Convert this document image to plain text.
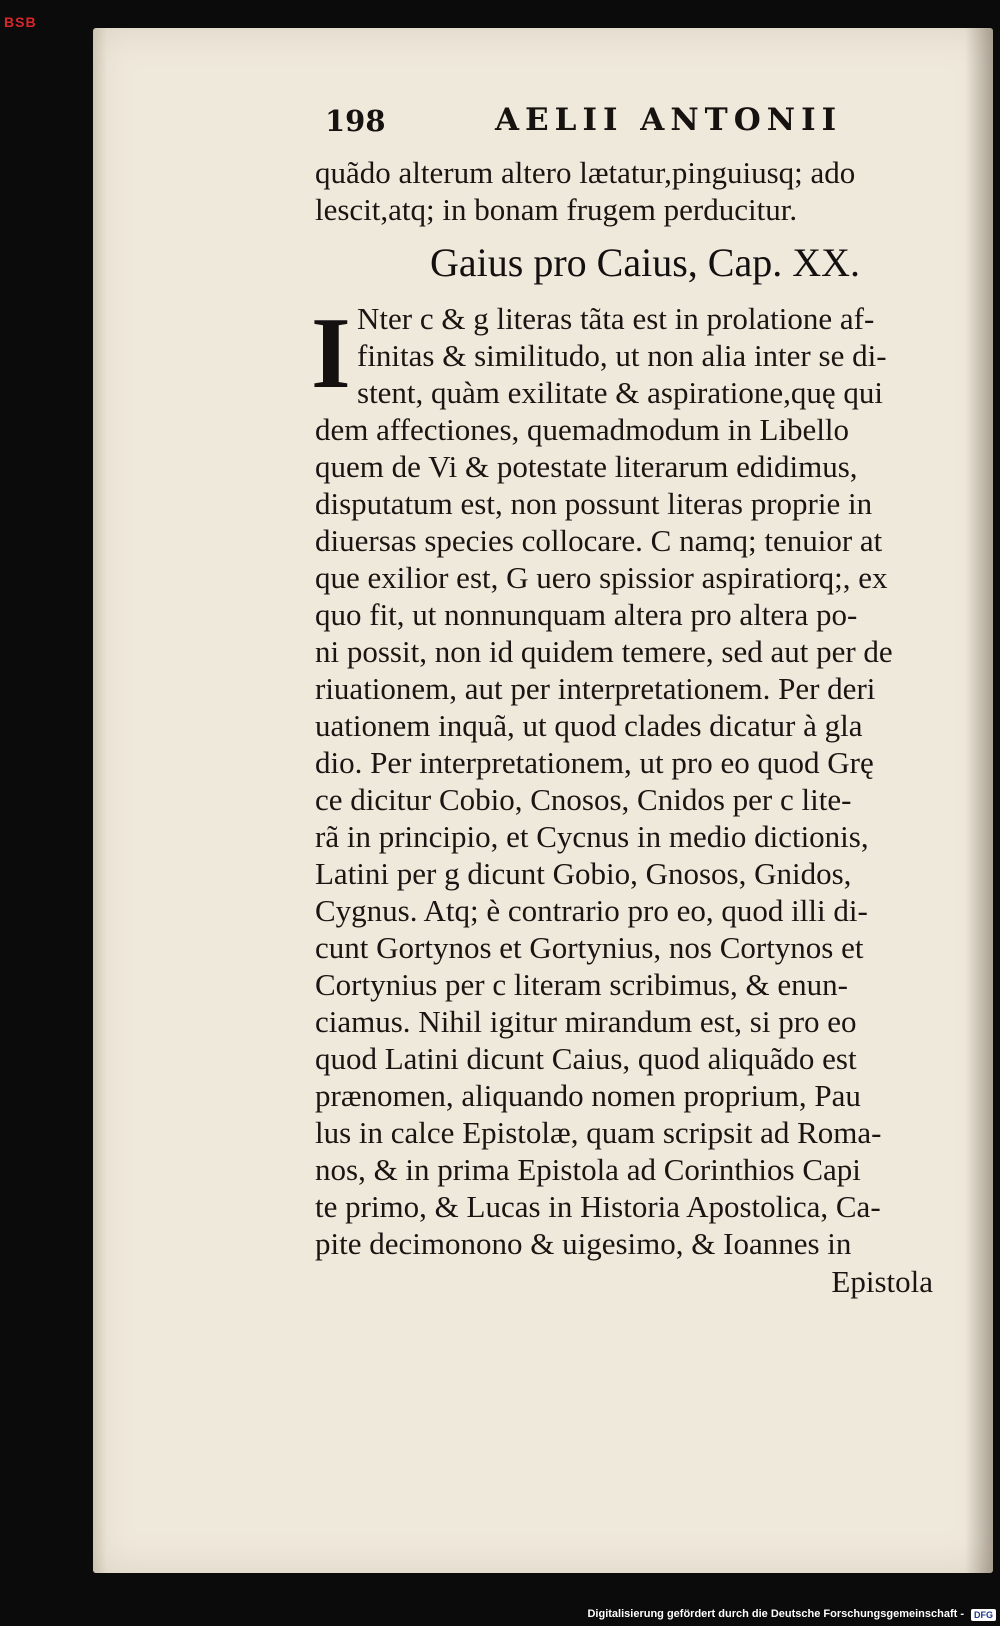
BSB
198	AELII ANTONII
quãdo alterum altero lætatur,pinguiusq; ado
lescit,atq; in bonam frugem perducitur.
Gaius pro Caius, Cap. XX.
I Nter c & g literas tãta est in prolatione af-
finitas & similitudo, ut non alia inter se di-
stent, quàm exilitate & aspiratione,quę qui
dem affectiones, quemadmodum in Libello
quem de Vi & potestate literarum edidimus,
disputatum est, non possunt literas proprie in
diuersas species collocare. C namq; tenuior at
que exilior est, G uero spissior aspiratiorq;, ex
quo fit, ut nonnunquam altera pro altera po-
ni possit, non id quidem temere, sed aut per de
riuationem, aut per interpretationem. Per deri
uationem inquã, ut quod clades dicatur à gla
dio. Per interpretationem, ut pro eo quod Grę
ce dicitur Cobio, Cnosos, Cnidos per c lite-
rã in principio, et Cycnus in medio dictionis,
Latini per g dicunt Gobio, Gnosos, Gnidos,
Cygnus. Atq; è contrario pro eo, quod illi di-
cunt Gortynos et Gortynius, nos Cortynos et
Cortynius per c literam scribimus, & enun-
ciamus. Nihil igitur mirandum est, si pro eo
quod Latini dicunt Caius, quod aliquãdo est
prænomen, aliquando nomen proprium, Pau
lus in calce Epistolæ, quam scripsit ad Roma-
nos, & in prima Epistola ad Corinthios Capi
te primo, & Lucas in Historia Apostolica, Ca-
pite decimonono & uigesimo, & Ioannes in
Epistola
Digitalisierung gefördert durch die Deutsche Forschungsgemeinschaft -	DFG
